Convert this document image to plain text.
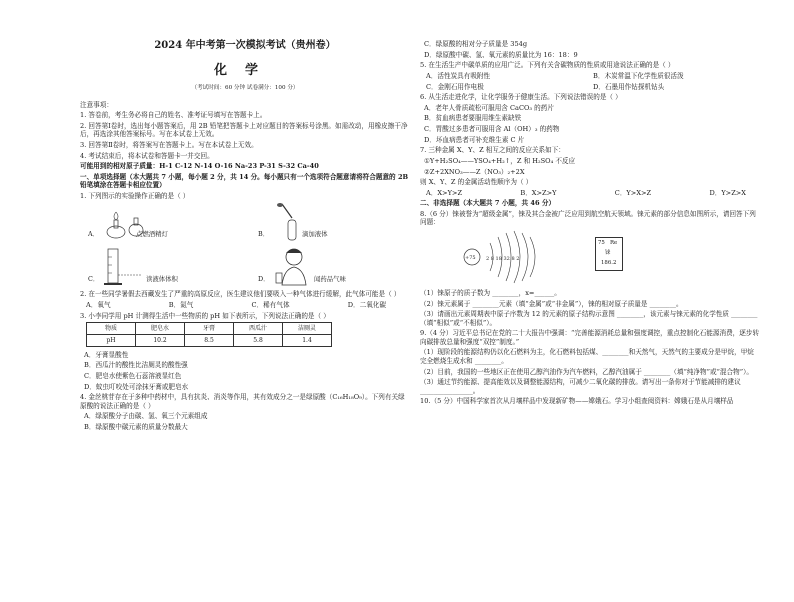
2024 年中考第一次模拟考试（贵州卷）
化学
（考试时间：60 分钟 试卷满分：100 分）

注意事项：

1. 答卷前，考生务必将自己的姓名、准考证号填写在答题卡上。

2. 回答第Ⅰ卷时，选出每小题答案后，用 2B 铅笔把答题卡上对应题目的答案标号涂黑。如需改动，用橡皮擦干净后，再选涂其他答案标号。写在本试卷上无效。

3. 回答第Ⅱ卷时，将答案写在答题卡上。写在本试卷上无效。

4. 考试结束后，将本试卷和答题卡一并交回。

可能用到的相对原子质量：H-1 C-12 N-14 O-16 Na-23 P-31 S-32 Ca-40

一、单项选择题（本大题共 7 小题，每小题 2 分，共 14 分。每小题只有一个选项符合题意请将符合题意的 2B 铅笔填涂在答题卡相应位置）

1. 下列图示的实验操作正确的是（ ）

A．	点燃酒精灯	B．	滴加液体
C．	读液体体积	D．	闻药品气味

2. 在一些同学暑假去西藏发生了严重的高原反应，医生建议他们要吸入一种气体进行缓解，此气体可能是（ ）

A．氧气	B．氮气	C．稀有气体	D．二氧化碳

3. 小李同学用 pH 计测得生活中一些物质的 pH 如下表所示，下列说法正确的是（ ）

物质	肥皂水	牙膏	西瓜汁	洁厕灵
pH	10.2	8.5	5.8	1.4

A．牙膏显酸性

B．西瓜汁的酸性比洁厕灵的酸性强

C．肥皂水使紫色石蕊溶液显红色

D．蚊虫叮咬处可涂抹牙膏或肥皂水

4. 金丝桃苷存在于多种中药材中，具有抗炎、消炎等作用，其有效成分之一是绿原酸（C₁₆H₁₈O₉）。下列有关绿原酸的说法正确的是（ ）

A．绿原酸分子由碳、氢、氧三个元素组成

B．绿原酸中碳元素的质量分数最大

C．绿原酸的相对分子质量是 354g

D．绿原酸中碳、氢、氧元素的质量比为 16：18：9

5. 在生活生产中碳单质的应用广泛。下列有关含碳物质的性质或用途说法正确的是（ ）

A．活性炭具有吸附性	B．木炭常温下化学性质很活泼
C．金刚石用作电极	D．石墨用作钻探机钻头

6. 从生活走进化学，让化学服务于健康生活。下列说法错误的是（ ）

A．老年人骨质疏松可服用含 CaCO₃ 的药片

B．贫血病患者要服用维生素缺铁

C．胃酸过多患者可服用含 Al（OH）₃ 的药物

D．坏血病患者可补充维生素 C 片

7. 三种金属 X、Y、Z 相互之间的反应关系如下：

①Y+H₂SO₄——YSO₄+H₂↑，Z 和 H₂SO₄ 不反应

②Z+2XNO₃——Z（NO₃）₂+2X

则 X、Y、Z 的金属活动性顺序为（ ）

A．X>Y>Z	B．X>Z>Y	C．Y>X>Z	D．Y>Z>X

二、非选择题（本大题共 7 小题，共 46 分）

8.（6 分）铼被誉为“超级金属”，铼及其合金被广泛应用到航空航天领域。铼元素的部分信息如图所示，请回答下列问题：

+75 2 8 18 32 8 2
75 Re
铼
186.2

（1）铼原子的质子数为 ________，x=______。

（2）铼元素属于 ________元素（填“金属”或“非金属”），铼的相对原子质量是 ________。

（3）请画出元素周期表中原子序数为 12 的元素的原子结构示意图 ________，该元素与铼元素的化学性质 ________（填“相似”或“不相似”）。

9.（4 分）习近平总书记在党的二十大报告中强调：“完善能源消耗总量和强度调控，重点控制化石能源消费，逐步转向碳排放总量和强度“双控”制度。”

（1）现阶段的能源结构仍以化石燃料为主，化石燃料包括煤、________和天然气，天然气的主要成分是甲烷，甲烷完全燃烧生成水和 ________。

（2）目前，我国的一些地区正在使用乙醇汽油作为汽车燃料，乙醇汽油属于 ________（填“纯净物”或“混合物”）。

（3）通过节约能源、提高能效以及调整能源结构，可减少二氧化碳的排放。请写出一条你对于节能减排的建议 ________________。

10.（5 分）中国科学家首次从月壤样品中发现新矿物——嫦娥石。学习小组查阅资料：嫦娥石是从月壤样品
